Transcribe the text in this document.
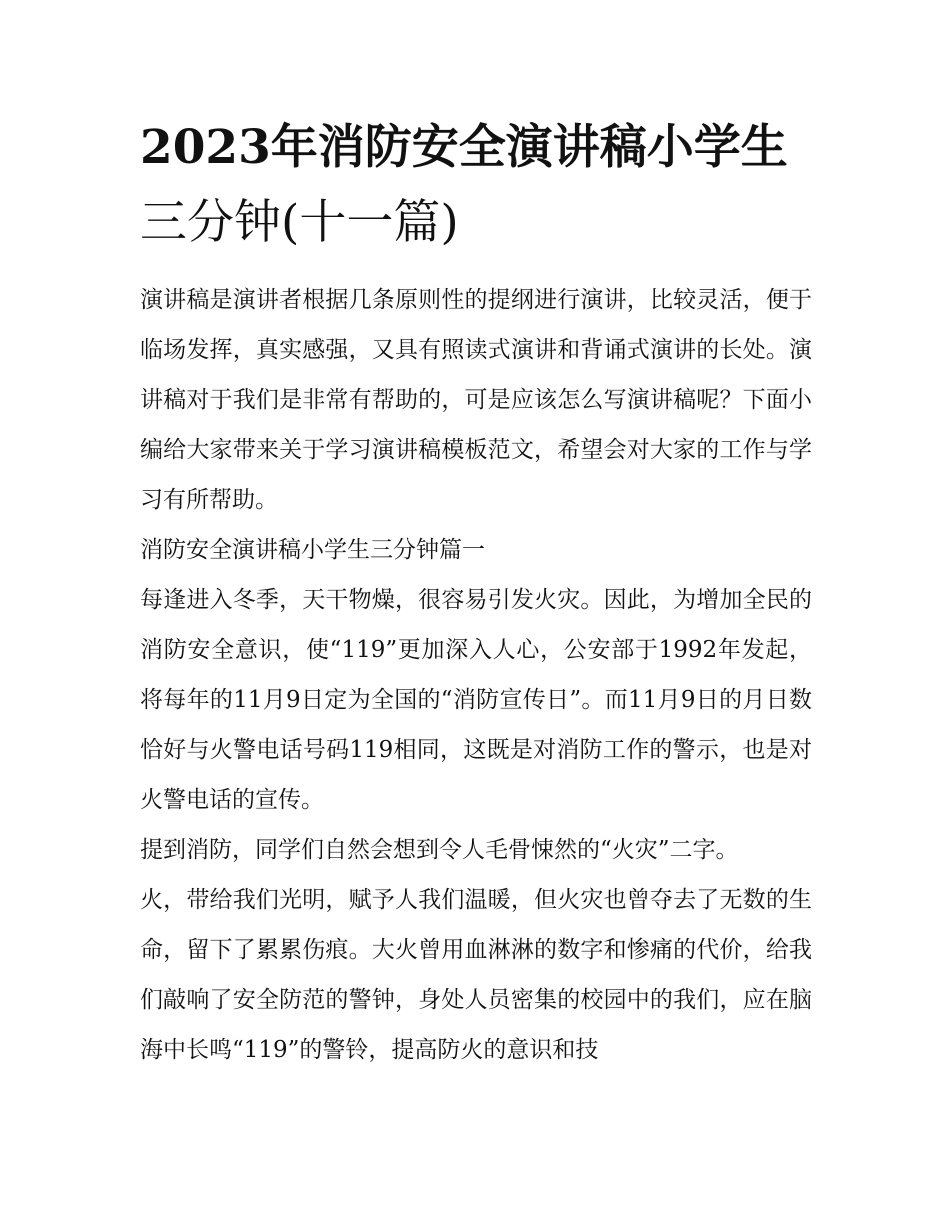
2023年消防安全演讲稿小学生
三分钟(十一篇)

演讲稿是演讲者根据几条原则性的提纲进行演讲，比较灵活，便于临场发挥，真实感强，又具有照读式演讲和背诵式演讲的长处。演讲稿对于我们是非常有帮助的，可是应该怎么写演讲稿呢？下面小编给大家带来关于学习演讲稿模板范文，希望会对大家的工作与学习有所帮助。

消防安全演讲稿小学生三分钟篇一

每逢进入冬季，天干物燥，很容易引发火灾。因此，为增加全民的消防安全意识，使“119”更加深入人心，公安部于1992年发起，将每年的11月9日定为全国的“消防宣传日”。而11月9日的月日数恰好与火警电话号码119相同，这既是对消防工作的警示，也是对火警电话的宣传。

提到消防，同学们自然会想到令人毛骨悚然的“火灾”二字。

火，带给我们光明，赋予人我们温暖，但火灾也曾夺去了无数的生命，留下了累累伤痕。大火曾用血淋淋的数字和惨痛的代价，给我们敲响了安全防范的警钟，身处人员密集的校园中的我们，应在脑海中长鸣“119”的警铃，提高防火的意识和技
